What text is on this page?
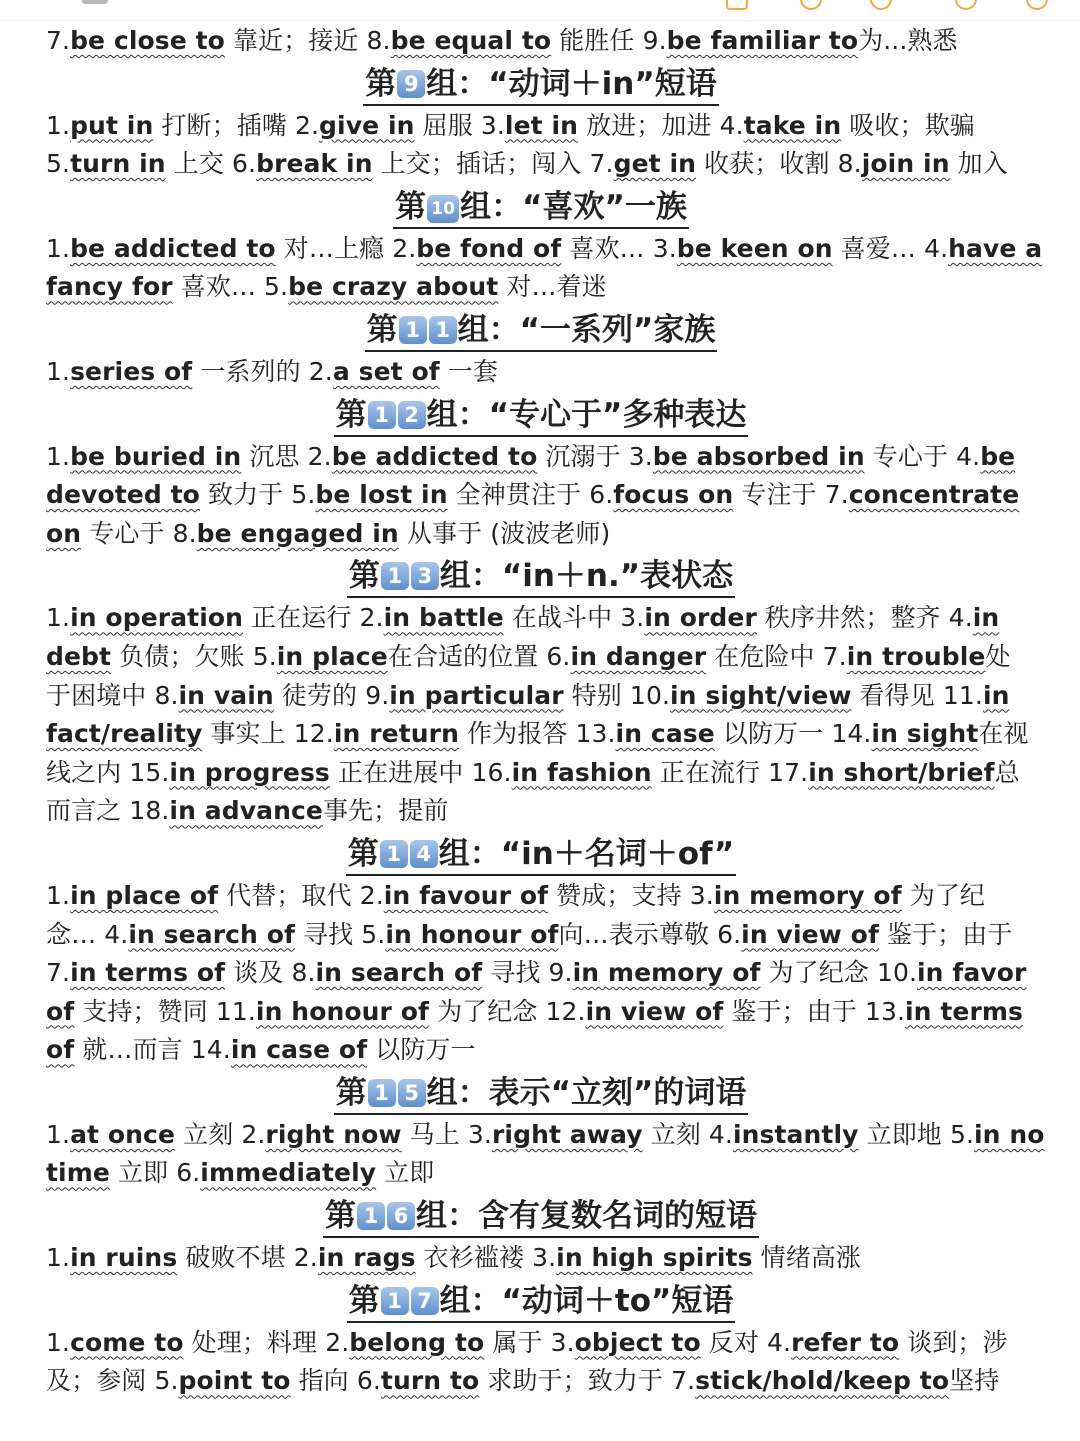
7.be close to 靠近；接近 8.be equal to 能胜任 9.be familiar to为...熟悉
第 9 组：“动词＋in”短语
1.put in 打断；插嘴 2.give in 屈服 3.let in 放进；加进 4.take in 吸收；欺骗
5.turn in 上交 6.break in 上交；插话；闯入 7.get in 收获；收割 8.join in 加入
第 10 组：“喜欢”一族
1.be addicted to 对…上瘾 2.be fond of 喜欢… 3.be keen on 喜爱… 4.have a
fancy for 喜欢… 5.be crazy about 对…着迷
第 1 1 组：“一系列”家族
1.series of 一系列的 2.a set of 一套
第 1 2 组：“专心于”多种表达
1.be buried in 沉思 2.be addicted to 沉溺于 3.be absorbed in 专心于 4.be
devoted to 致力于 5.be lost in 全神贯注于 6.focus on 专注于 7.concentrate
on 专心于 8.be engaged in 从事于 (波波老师)
第 1 3 组：“in＋n.”表状态
1.in operation 正在运行 2.in battle 在战斗中 3.in order 秩序井然；整齐 4.in
debt 负债；欠账 5.in place在合适的位置 6.in danger 在危险中 7.in trouble处
于困境中 8.in vain 徒劳的 9.in particular 特别 10.in sight/view 看得见 11.in
fact/reality 事实上 12.in return 作为报答 13.in case 以防万一 14.in sight在视
线之内 15.in progress 正在进展中 16.in fashion 正在流行 17.in short/brief总
而言之 18.in advance事先；提前
第 1 4 组：“in＋名词＋of”
1.in place of 代替；取代 2.in favour of 赞成；支持 3.in memory of 为了纪
念… 4.in search of 寻找 5.in honour of向…表示尊敬 6.in view of 鉴于；由于
7.in terms of 谈及 8.in search of 寻找 9.in memory of 为了纪念 10.in favor
of 支持；赞同 11.in honour of 为了纪念 12.in view of 鉴于；由于 13.in terms
of 就…而言 14.in case of 以防万一
第 1 5 组：表示“立刻”的词语
1.at once 立刻 2.right now 马上 3.right away 立刻 4.instantly 立即地 5.in no
time 立即 6.immediately 立即
第 1 6 组：含有复数名词的短语
1.in ruins 破败不堪 2.in rags 衣衫褴褛 3.in high spirits 情绪高涨
第 1 7 组：“动词＋to”短语
1.come to 处理；料理 2.belong to 属于 3.object to 反对 4.refer to 谈到；涉
及；参阅 5.point to 指向 6.turn to 求助于；致力于 7.stick/hold/keep to坚持
